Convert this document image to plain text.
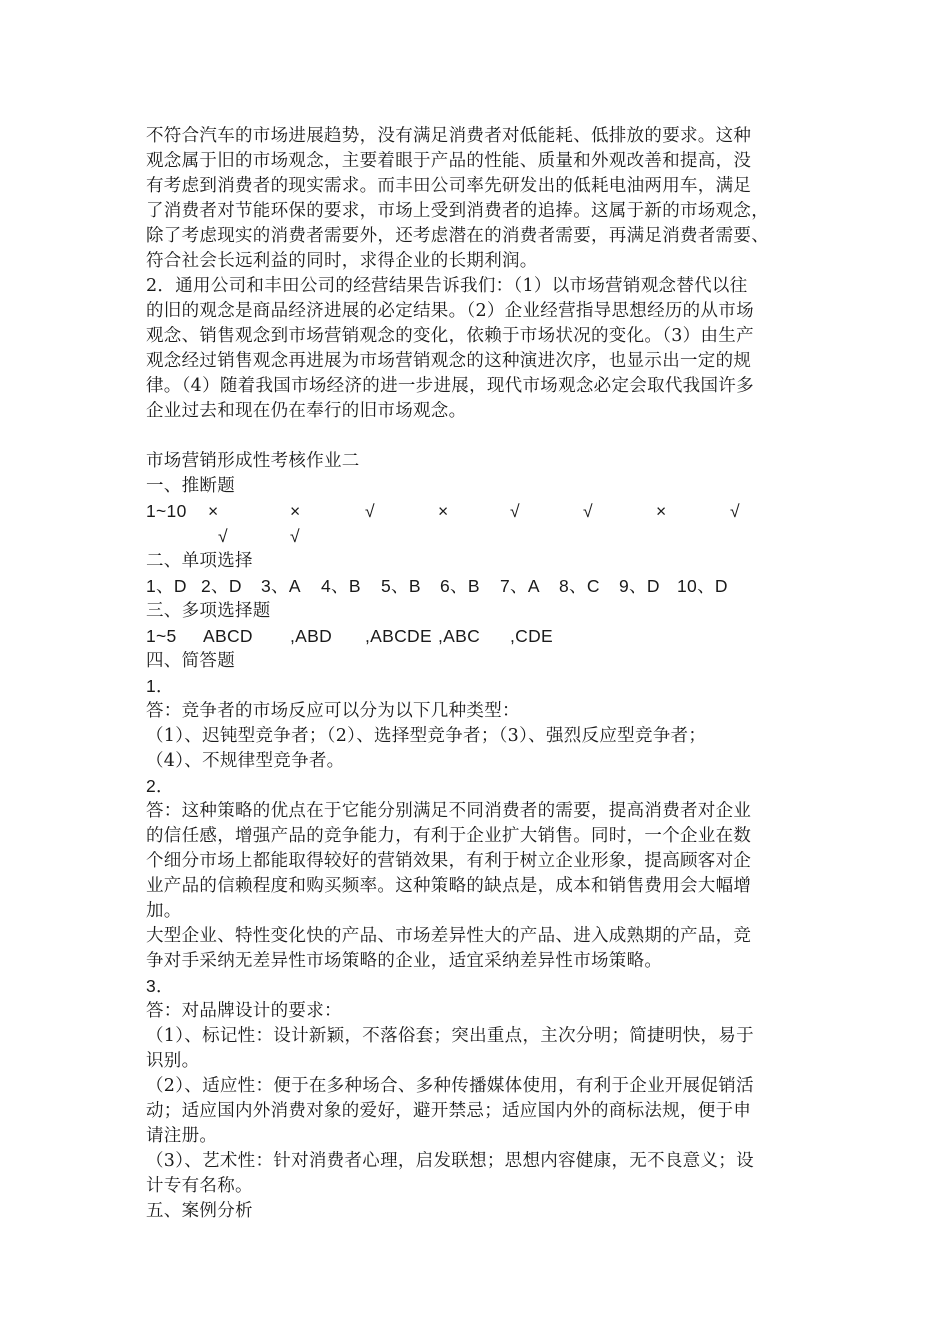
不符合汽车的市场进展趋势，没有满足消费者对低能耗、低排放的要求。这种
观念属于旧的市场观念，主要着眼于产品的性能、质量和外观改善和提高，没
有考虑到消费者的现实需求。而丰田公司率先研发出的低耗电油两用车，满足
了消费者对节能环保的要求，市场上受到消费者的追捧。这属于新的市场观念，
除了考虑现实的消费者需要外，还考虑潜在的消费者需要，再满足消费者需要、
符合社会长远利益的同时，求得企业的长期利润。
2．通用公司和丰田公司的经营结果告诉我们：（1）以市场营销观念替代以往
的旧的观念是商品经济进展的必定结果。（2）企业经营指导思想经历的从市场
观念、销售观念到市场营销观念的变化，依赖于市场状况的变化。（3）由生产
观念经过销售观念再进展为市场营销观念的这种演进次序，也显示出一定的规
律。（4）随着我国市场经济的进一步进展，现代市场观念必定会取代我国许多
企业过去和现在仍在奉行的旧市场观念。
市场营销形成性考核作业二
一、推断题
1~10 ×	×	√	×	√	√	×	√
√	√
二、单项选择
1、D 2、D 3、A 4、B 5、B 6、B 7、A 8、C 9、D 10、D
三、多项选择题
1~5 ABCD ,ABD ,ABCDE ,ABC ,CDE
四、简答题
1．
答：竞争者的市场反应可以分为以下几种类型：
（1）、迟钝型竞争者；（2）、选择型竞争者；（3）、强烈反应型竞争者；
（4）、不规律型竞争者。
2．
答：这种策略的优点在于它能分别满足不同消费者的需要，提高消费者对企业
的信任感，增强产品的竞争能力，有利于企业扩大销售。同时，一个企业在数
个细分市场上都能取得较好的营销效果，有利于树立企业形象，提高顾客对企
业产品的信赖程度和购买频率。这种策略的缺点是，成本和销售费用会大幅增
加。
大型企业、特性变化快的产品、市场差异性大的产品、进入成熟期的产品，竞
争对手采纳无差异性市场策略的企业，适宜采纳差异性市场策略。
3．
答：对品牌设计的要求：
（1）、标记性：设计新颖，不落俗套；突出重点，主次分明；简捷明快，易于
识别。
（2）、适应性：便于在多种场合、多种传播媒体使用，有利于企业开展促销活
动；适应国内外消费对象的爱好，避开禁忌；适应国内外的商标法规，便于申
请注册。
（3）、艺术性：针对消费者心理，启发联想；思想内容健康，无不良意义；设
计专有名称。
五、案例分析
